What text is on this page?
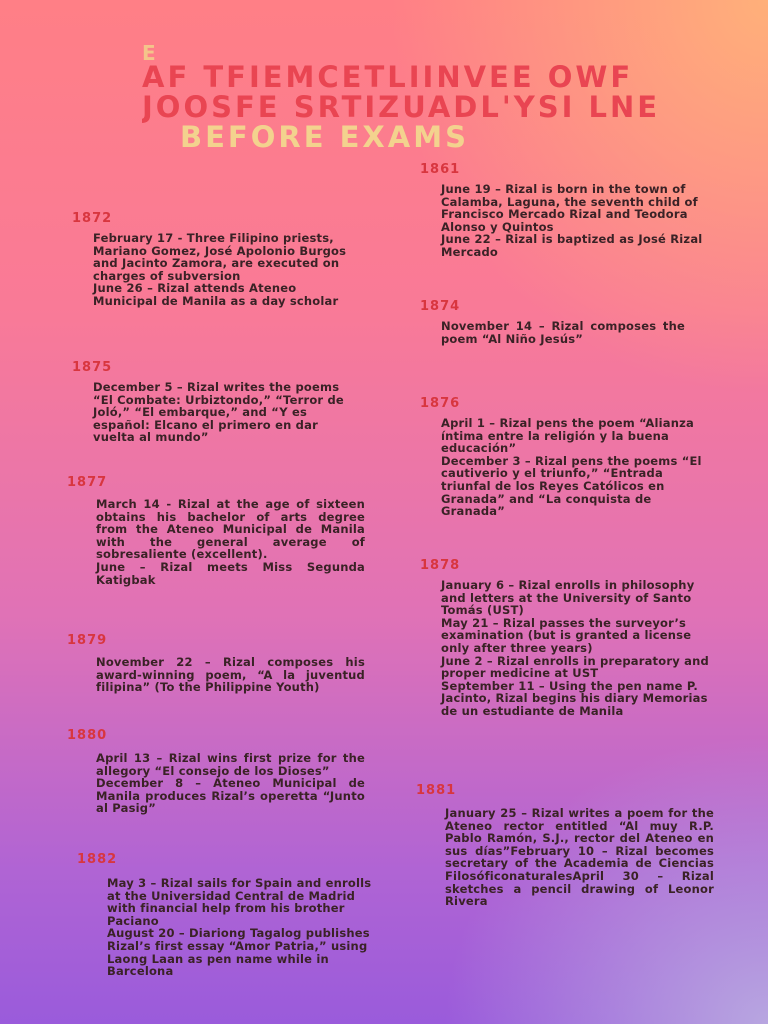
E
AF TFIEMCETLIINVEE OWF
JOOSFE SRTIZUADL'YSI LNE
BEFORE EXAMS
1861

June 19 – Rizal is born in the town of Calamba, Laguna, the seventh child of Francisco Mercado Rizal and Teodora Alonso y Quintos

June 22 – Rizal is baptized as José Rizal Mercado

1872

February 17 - Three Filipino priests, Mariano Gomez, José Apolonio Burgos and Jacinto Zamora, are executed on charges of subversion

June 26 – Rizal attends Ateneo Municipal de Manila as a day scholar	1874

November 14 – Rizal composes the poem “Al Niño Jesús”

1875

December 5 – Rizal writes the poems “El Combate: Urbiztondo,” “Terror de Joló,” “El embarque,” and “Y es español: Elcano el primero en dar vuelta al mundo”

1876

April 1 – Rizal pens the poem “Alianza íntima entre la religión y la buena educación”

December 3 – Rizal pens the poems “El cautiverio y el triunfo,” “Entrada triunfal de los Reyes Católicos en Granada” and “La conquista de Granada”

1877

March 14 - Rizal at the age of sixteen obtains his bachelor of arts degree from the Ateneo Municipal de Manila with the general average of sobresaliente (excellent).

June – Rizal meets Miss Segunda Katigbak

1878

January 6 – Rizal enrolls in philosophy and letters at the University of Santo Tomás (UST)

May 21 – Rizal passes the surveyor’s examination (but is granted a license only after three years)

June 2 – Rizal enrolls in preparatory and proper medicine at UST

September 11 – Using the pen name P. Jacinto, Rizal begins his diary Memorias de un estudiante de Manila

1879

November 22 – Rizal composes his award-winning poem, “A la juventud filipina” (To the Philippine Youth)

1880

April 13 – Rizal wins first prize for the allegory “El consejo de los Dioses”

December 8 – Ateneo Municipal de Manila produces Rizal’s operetta “Junto al Pasig”

1881

January 25 – Rizal writes a poem for the Ateneo rector entitled “Al muy R.P. Pablo Ramón, S.J., rector del Ateneo en sus días”February 10 – Rizal becomes secretary of the Academia de Ciencias FilosóficonaturalesApril 30 – Rizal sketches a pencil drawing of Leonor Rivera

1882

May 3 – Rizal sails for Spain and enrolls at the Universidad Central de Madrid with financial help from his brother Paciano

August 20 – Diariong Tagalog publishes Rizal’s first essay “Amor Patria,” using Laong Laan as pen name while in Barcelona
